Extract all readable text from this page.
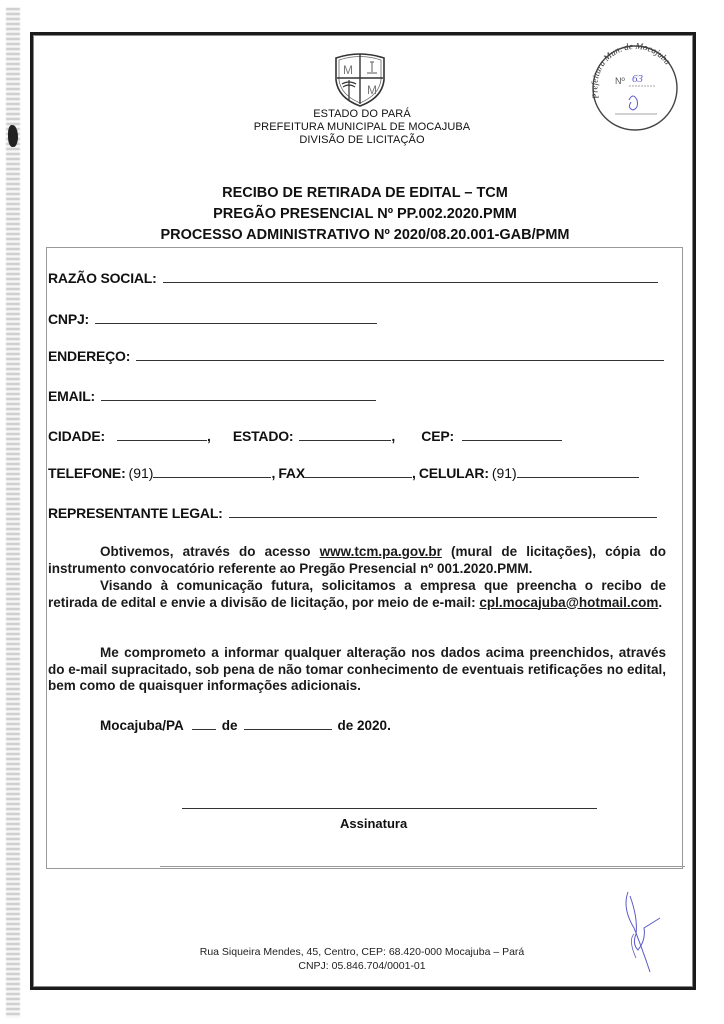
M
M	Prefeitura Mun. de Mocajuba
Nº 63
ESTADO DO PARÁ
PREFEITURA MUNICIPAL DE MOCAJUBA
DIVISÃO DE LICITAÇÃO
RECIBO DE RETIRADA DE EDITAL – TCM
PREGÃO PRESENCIAL Nº PP.002.2020.PMM
PROCESSO ADMINISTRATIVO Nº 2020/08.20.001-GAB/PMM
RAZÃO SOCIAL:
CNPJ:
ENDEREÇO:
EMAIL:
CIDADE:	, ESTADO:	, CEP:
TELEFONE: (91)	, FAX	, CELULAR: (91)
REPRESENTANTE LEGAL:
Obtivemos, através do acesso www.tcm.pa.gov.br (mural de licitações), cópia do instrumento convocatório referente ao Pregão Presencial nº 001.2020.PMM.
Visando à comunicação futura, solicitamos a empresa que preencha o recibo de retirada de edital e envie a divisão de licitação, por meio de e-mail: cpl.mocajuba@hotmail.com.
Me comprometo a informar qualquer alteração nos dados acima preenchidos, através do e-mail supracitado, sob pena de não tomar conhecimento de eventuais retificações no edital, bem como de quaisquer informações adicionais.
Mocajuba/PA	de	de 2020.
Assinatura
Rua Siqueira Mendes, 45, Centro, CEP: 68.420-000 Mocajuba – Pará
CNPJ: 05.846.704/0001-01
